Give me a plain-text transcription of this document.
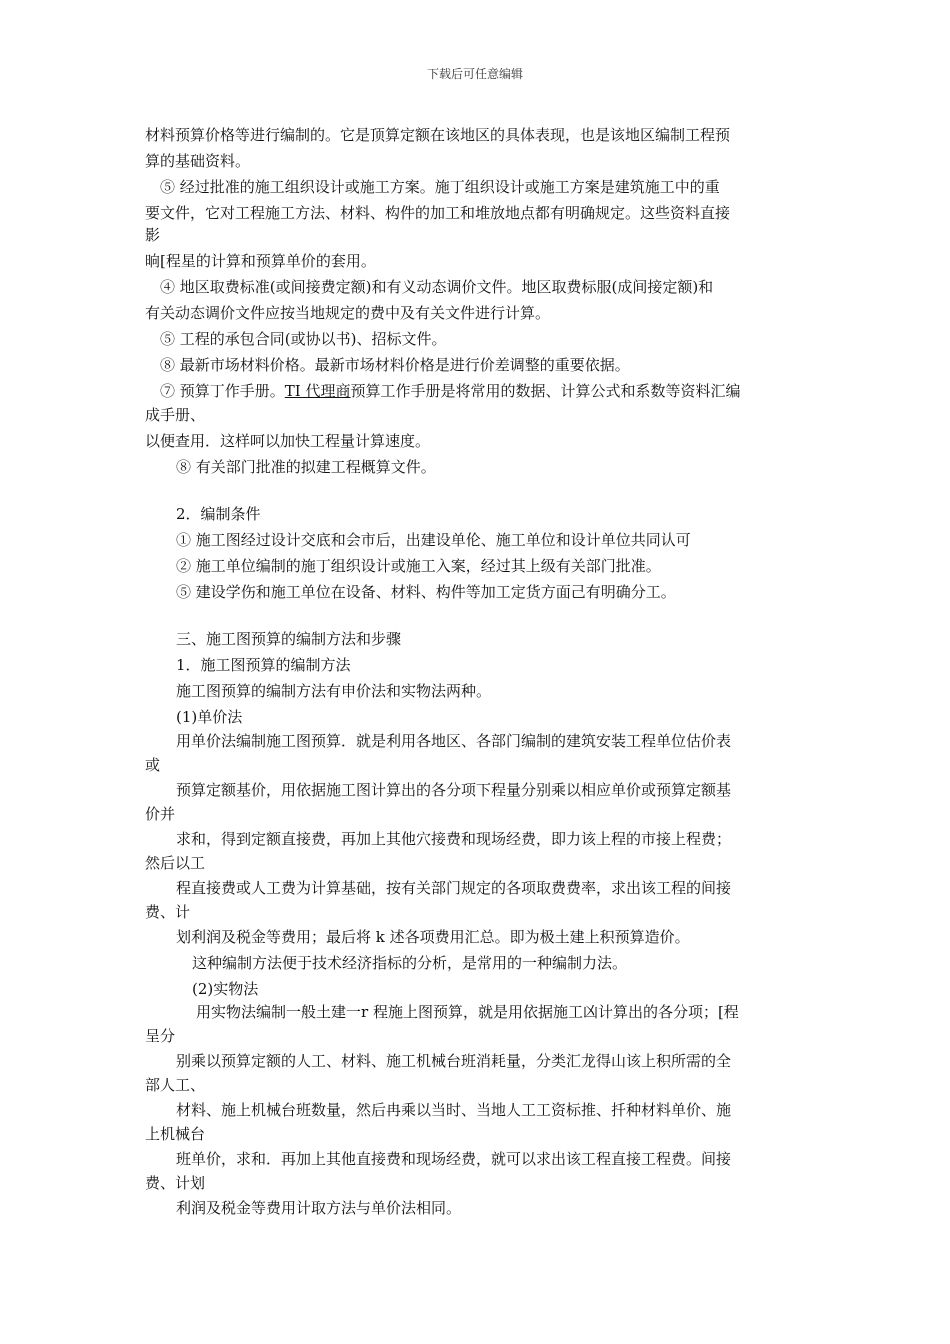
下载后可任意编辑
材料预算价格等进行编制的。它是顶算定额在该地区的具体表现，也是该地区编制工程预
算的基础资料。
⑤ 经过批准的施工组织设计或施工方案。施丁组织设计或施工方案是建筑施工中的重
要文件，它对工程施工方法、材料、构件的加工和堆放地点都有明确规定。这些资料直接
影
晌[程星的计算和预算单价的套用。
④ 地区取费标准(或间接费定额)和有义动态调价文件。地区取费标服(成间接定额)和
有关动态调价文件应按当地规定的费中及有关文件进行计算。
⑤ 工程的承包合同(或协以书)、招标文件。
⑧ 最新市场材料价格。最新市场材料价格是进行价差调整的重要依据。
⑦ 预算丁作手册。TI 代理商预算工作手册是将常用的数据、计算公式和系数等资料汇编
成手册、
以便查用．这样呵以加快工程量计算速度。
⑧ 有关部门批准的拟建工程概算文件。
2．编制条件
① 施工图经过设计交底和会市后，出建设单伦、施工单位和设计单位共同认可
② 施工单位编制的施丁组织设计或施工入案，经过其上级有关部门批准。
⑤ 建设学伤和施工单位在设备、材料、构件等加工定货方面己有明确分工。
三、施工图预算的编制方法和步骤
1．施工图预算的编制方法
施工图预算的编制方法有申价法和实物法两种。
(1)单价法
用单价法编制施工图预算．就是利用各地区、各部门编制的建筑安装工程单位估价表
或
预算定额基价，用依据施工图计算出的各分项下程量分别乘以相应单价或预算定额基
价并
求和，得到定额直接费，再加上其他穴接费和现场经费，即力该上程的市接上程费；
然后以工
程直接费或人工费为计算基础，按有关部门规定的各项取费费率，求出该工程的间接
费、计
划利润及税金等费用；最后将 k 述各项费用汇总。即为极土建上积预算造价。
这种编制方法便于技术经济指标的分析，是常用的一种编制力法。
(2)实物法
用实物法编制一般土建一r 程施上图预算，就是用依据施工凶计算出的各分项；[程
呈分
别乘以预算定额的人工、材料、施工机械台班消耗量，分类汇龙得山该上积所需的全
部人工、
材料、施上机械台班数量，然后冉乘以当时、当地人工工资标推、扦种材料单价、施
上机械台
班单价，求和．再加上其他直接费和现场经费，就可以求出该工程直接工程费。间接
费、计划
利润及税金等费用计取方法与单价法相同。
